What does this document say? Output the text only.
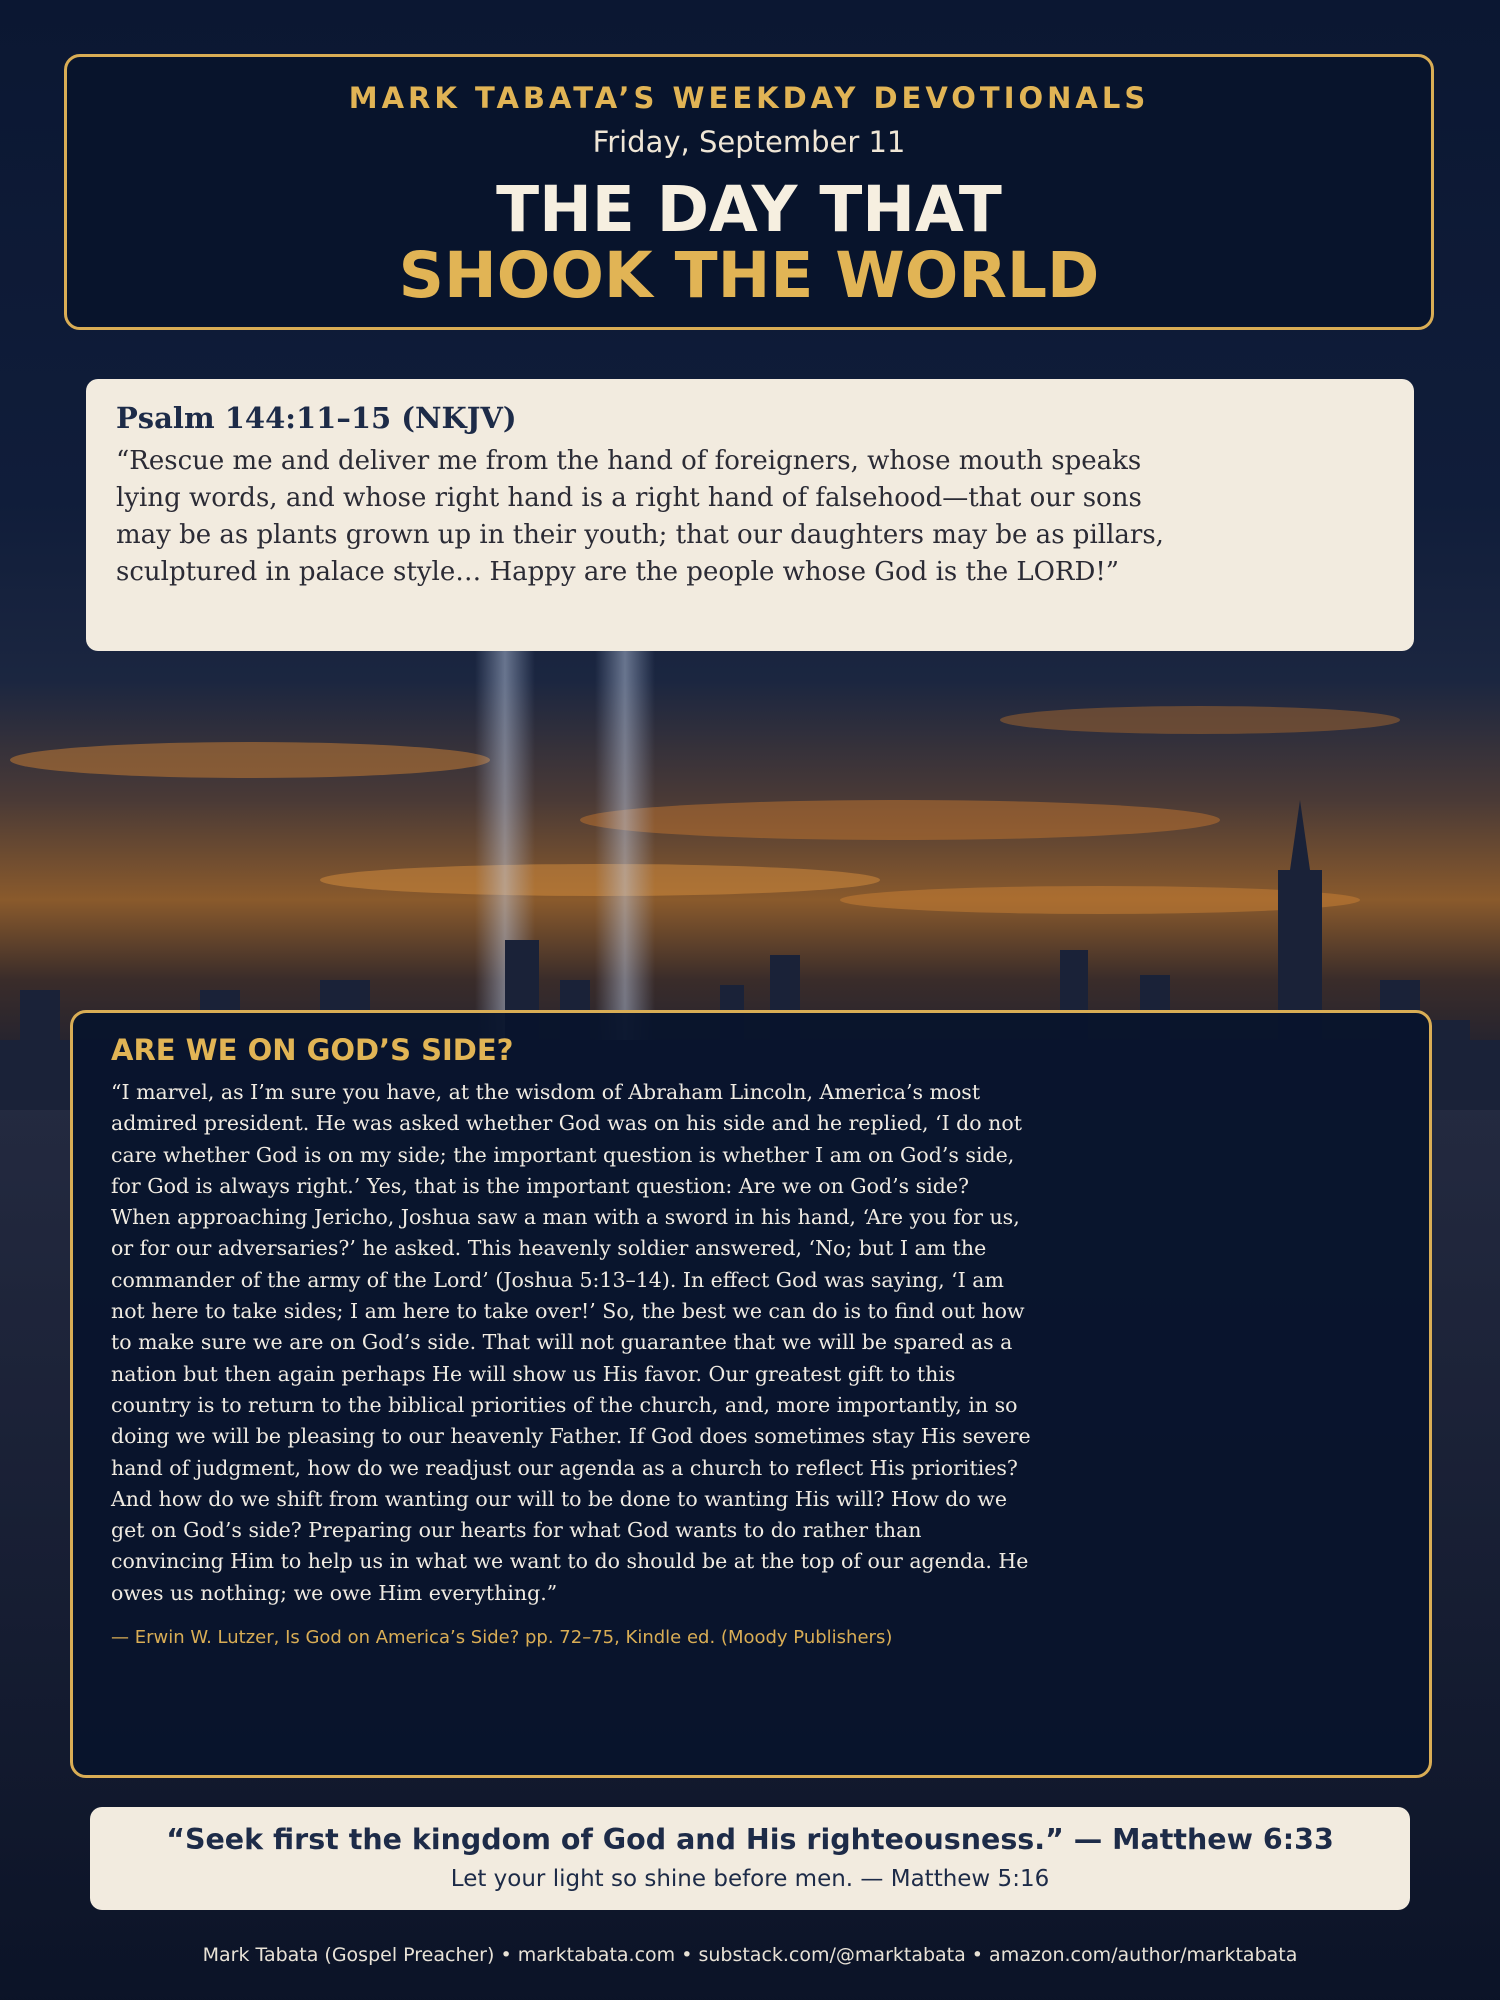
MARK TABATA’S WEEKDAY DEVOTIONALS
Friday, September 11
THE DAY THAT
SHOOK THE WORLD
Psalm 144:11–15 (NKJV)
“Rescue me and deliver me from the hand of foreigners, whose mouth speaks lying words, and whose right hand is a right hand of falsehood—that our sons may be as plants grown up in their youth; that our daughters may be as pillars, sculptured in palace style… Happy are the people whose God is the LORD!”
ARE WE ON GOD’S SIDE?
“I marvel, as I’m sure you have, at the wisdom of Abraham Lincoln, America’s most admired president. He was asked whether God was on his side and he replied, ‘I do not care whether God is on my side; the important question is whether I am on God’s side, for God is always right.’ Yes, that is the important question: Are we on God’s side? When approaching Jericho, Joshua saw a man with a sword in his hand, ‘Are you for us, or for our adversaries?’ he asked. This heavenly soldier answered, ‘No; but I am the commander of the army of the Lord’ (Joshua 5:13–14). In effect God was saying, ‘I am not here to take sides; I am here to take over!’ So, the best we can do is to find out how to make sure we are on God’s side. That will not guarantee that we will be spared as a nation but then again perhaps He will show us His favor. Our greatest gift to this country is to return to the biblical priorities of the church, and, more importantly, in so doing we will be pleasing to our heavenly Father. If God does sometimes stay His severe hand of judgment, how do we readjust our agenda as a church to reflect His priorities? And how do we shift from wanting our will to be done to wanting His will? How do we get on God’s side? Preparing our hearts for what God wants to do rather than convincing Him to help us in what we want to do should be at the top of our agenda. He owes us nothing; we owe Him everything.”
— Erwin W. Lutzer, Is God on America’s Side? pp. 72–75, Kindle ed. (Moody Publishers)
“Seek first the kingdom of God and His righteousness.” — Matthew 6:33
Let your light so shine before men. — Matthew 5:16
Mark Tabata (Gospel Preacher) • marktabata.com • substack.com/@marktabata • amazon.com/author/marktabata
